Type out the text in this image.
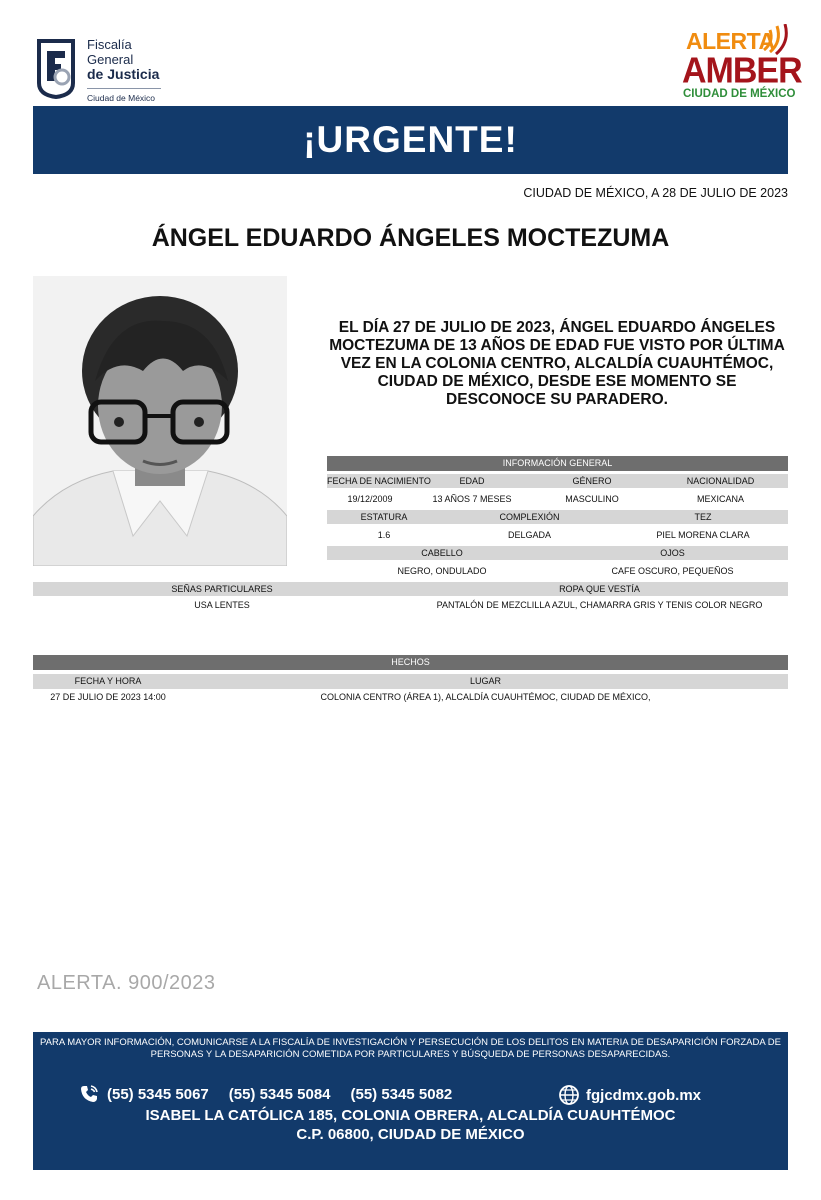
Fiscalía
General
de Justicia
Ciudad de México
ALERTA
AMBER
CIUDAD DE MÉXICO
¡URGENTE!
CIUDAD DE MÉXICO, A 28 DE JULIO DE 2023
ÁNGEL EDUARDO ÁNGELES MOCTEZUMA
EL DÍA 27 DE JULIO DE 2023, ÁNGEL EDUARDO ÁNGELES MOCTEZUMA DE 13 AÑOS DE EDAD FUE VISTO POR ÚLTIMA VEZ EN LA COLONIA CENTRO, ALCALDÍA CUAUHTÉMOC, CIUDAD DE MÉXICO, DESDE ESE MOMENTO SE DESCONOCE SU PARADERO.
INFORMACIÓN GENERAL
FECHA DE NACIMIENTO	EDAD	GÉNERO	NACIONALIDAD
19/12/2009	13 AÑOS 7 MESES	MASCULINO	MEXICANA
ESTATURA	COMPLEXIÓN	TEZ
1.6	DELGADA	PIEL MORENA CLARA
CABELLO	OJOS
NEGRO, ONDULADO	CAFE OSCURO, PEQUEÑOS
SEÑAS PARTICULARES	ROPA QUE VESTÍA
USA LENTES	PANTALÓN DE MEZCLILLA AZUL, CHAMARRA GRIS Y TENIS COLOR NEGRO
HECHOS
FECHA Y HORA	LUGAR
27 DE JULIO DE 2023 14:00	COLONIA CENTRO (ÁREA 1), ALCALDÍA CUAUHTÉMOC, CIUDAD DE MÉXICO,
ALERTA. 900/2023
PARA MAYOR INFORMACIÓN, COMUNICARSE A LA FISCALÍA DE INVESTIGACIÓN Y PERSECUCIÓN DE LOS DELITOS EN MATERIA DE DESAPARICIÓN FORZADA DE PERSONAS Y LA DESAPARICIÓN COMETIDA POR PARTICULARES Y BÚSQUEDA DE PERSONAS DESAPARECIDAS.
(55) 5345 5067 (55) 5345 5084 (55) 5345 5082	fgjcdmx.gob.mx
ISABEL LA CATÓLICA 185, COLONIA OBRERA, ALCALDÍA CUAUHTÉMOC
C.P. 06800, CIUDAD DE MÉXICO
